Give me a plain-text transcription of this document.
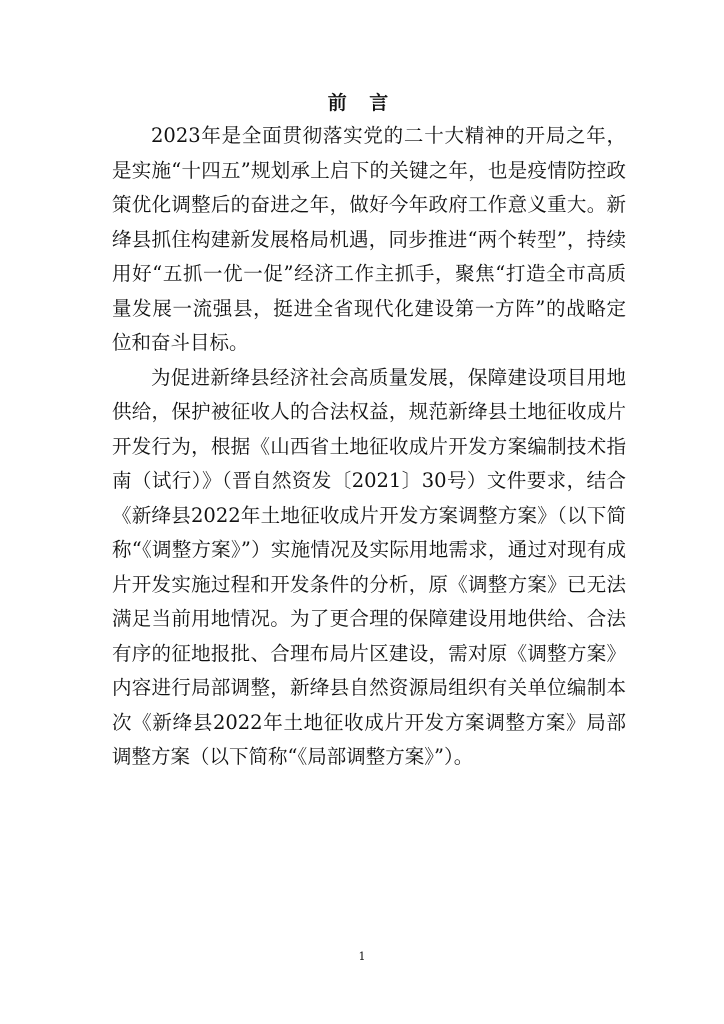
前 言

2023年是全面贯彻落实党的二十大精神的开局之年，是实施“十四五”规划承上启下的关键之年，也是疫情防控政策优化调整后的奋进之年，做好今年政府工作意义重大。新绛县抓住构建新发展格局机遇，同步推进“两个转型”，持续用好“五抓一优一促”经济工作主抓手，聚焦“打造全市高质量发展一流强县，挺进全省现代化建设第一方阵”的战略定位和奋斗目标。

为促进新绛县经济社会高质量发展，保障建设项目用地供给，保护被征收人的合法权益，规范新绛县土地征收成片开发行为，根据《山西省土地征收成片开发方案编制技术指南（试行）》（晋自然资发〔2021〕30号）文件要求，结合《新绛县2022年土地征收成片开发方案调整方案》（以下简称“《调整方案》”）实施情况及实际用地需求，通过对现有成片开发实施过程和开发条件的分析，原《调整方案》已无法满足当前用地情况。为了更合理的保障建设用地供给、合法有序的征地报批、合理布局片区建设，需对原《调整方案》内容进行局部调整，新绛县自然资源局组织有关单位编制本次《新绛县2022年土地征收成片开发方案调整方案》局部调整方案（以下简称“《局部调整方案》”）。

1
